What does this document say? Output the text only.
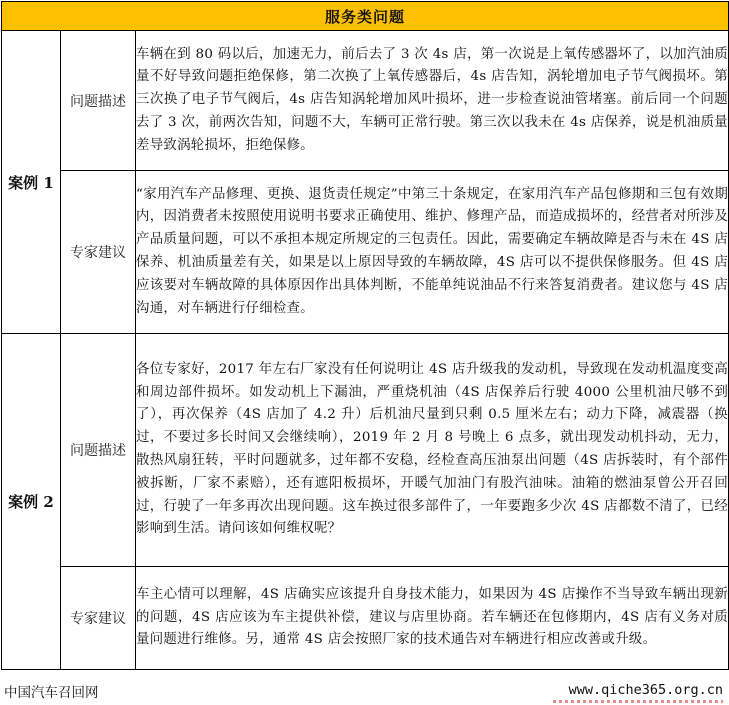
服务类问题		
案例 1	问题描述	车辆在到 80 码以后，加速无力，前后去了 3 次 4s 店，第一次说是上氧传感器坏了，以加汽油质量不好导致问题拒绝保修，第二次换了上氧传感器后，4s 店告知，涡轮增加电子节气阀损坏。第三次换了电子节气阀后，4s 店告知涡轮增加风叶损坏，进一步检查说油管堵塞。前后同一个问题去了 3 次，前两次告知，问题不大，车辆可正常行驶。第三次以我未在 4s 店保养，说是机油质量差导致涡轮损坏，拒绝保修。
	专家建议	“家用汽车产品修理、更换、退货责任规定”中第三十条规定，在家用汽车产品包修期和三包有效期内，因消费者未按照使用说明书要求正确使用、维护、修理产品，而造成损坏的，经营者对所涉及产品质量问题，可以不承担本规定所规定的三包责任。因此，需要确定车辆故障是否与未在 4S 店保养、机油质量差有关，如果是以上原因导致的车辆故障，4S 店可以不提供保修服务。但 4S 店应该要对车辆故障的具体原因作出具体判断，不能单纯说油品不行来答复消费者。建议您与 4S 店沟通，对车辆进行仔细检查。
案例 2	问题描述	各位专家好，2017 年左右厂家没有任何说明让 4S 店升级我的发动机，导致现在发动机温度变高和周边部件损坏。如发动机上下漏油，严重烧机油（4S 店保养后行驶 4000 公里机油尺够不到了），再次保养（4S 店加了 4.2 升）后机油尺量到只剩 0.5 厘米左右；动力下降，减震器（换过，不要过多长时间又会继续响），2019 年 2 月 8 号晚上 6 点多，就出现发动机抖动，无力，散热风扇狂转，平时问题就多，过年都不安稳，经检查高压油泵出问题（4S 店拆装时，有个部件被拆断，厂家不素赔），还有遮阳板损坏，开暖气加油门有股汽油味。油箱的燃油泵曾公开召回过，行驶了一年多再次出现问题。这车换过很多部件了，一年要跑多少次 4S 店都数不清了，已经影响到生活。请问该如何维权呢？
	专家建议	车主心情可以理解，4S 店确实应该提升自身技术能力，如果因为 4S 店操作不当导致车辆出现新的问题，4S 店应该为车主提供补偿，建议与店里协商。若车辆还在包修期内，4S 店有义务对质量问题进行维修。另，通常 4S 店会按照厂家的技术通告对车辆进行相应改善或升级。
中国汽车召回网	www.qiche365.org.cn
